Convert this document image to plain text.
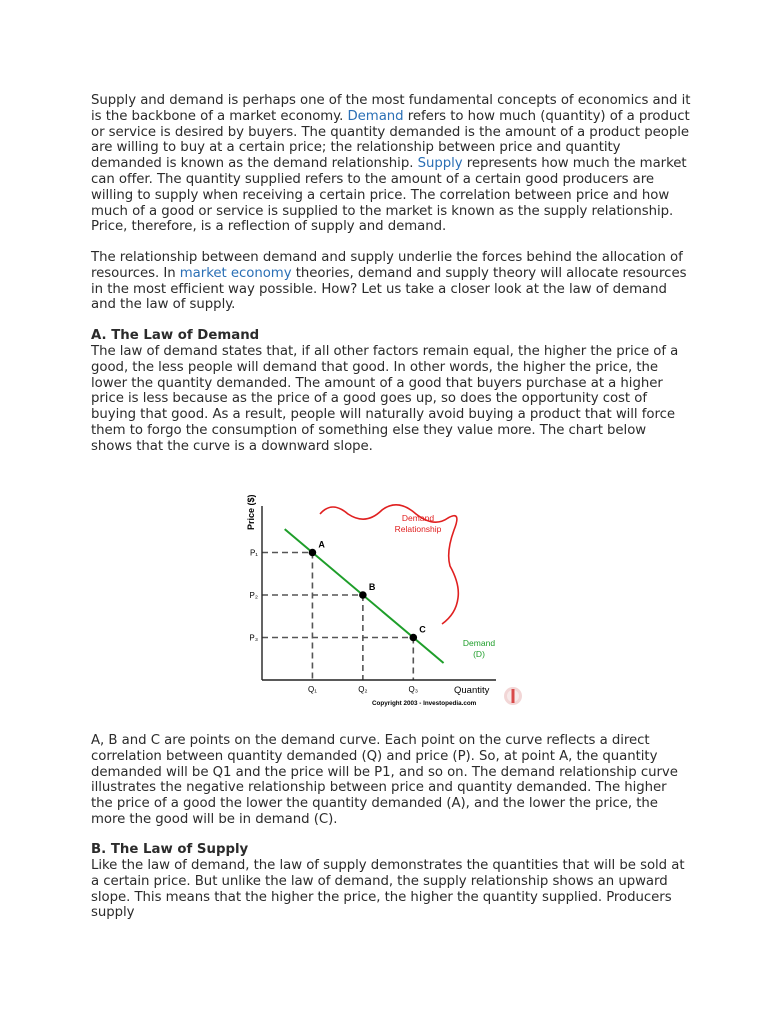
Supply and demand is perhaps one of the most fundamental concepts of economics and it is the backbone of a market economy. Demand refers to how much (quantity) of a product or service is desired by buyers. The quantity demanded is the amount of a product people are willing to buy at a certain price; the relationship between price and quantity demanded is known as the demand relationship. Supply represents how much the market can offer. The quantity supplied refers to the amount of a certain good producers are willing to supply when receiving a certain price. The correlation between price and how much of a good or service is supplied to the market is known as the supply relationship. Price, therefore, is a reflection of supply and demand.

The relationship between demand and supply underlie the forces behind the allocation of resources. In market economy theories, demand and supply theory will allocate resources in the most efficient way possible. How? Let us take a closer look at the law of demand and the law of supply.

A. The Law of Demand

The law of demand states that, if all other factors remain equal, the higher the price of a good, the less people will demand that good. In other words, the higher the price, the lower the quantity demanded. The amount of a good that buyers purchase at a higher price is less because as the price of a good goes up, so does the opportunity cost of buying that good. As a result, people will naturally avoid buying a product that will force them to forgo the consumption of something else they value more. The chart below shows that the curve is a downward slope.

A
P₁
Q₁
B
P₂
Q₂
C
P₃
Q₃
Price ($)
Quantity
Copyright 2003 - Investopedia.com
Demand
Relationship
Demand
(D)

A, B and C are points on the demand curve. Each point on the curve reflects a direct correlation between quantity demanded (Q) and price (P). So, at point A, the quantity demanded will be Q1 and the price will be P1, and so on. The demand relationship curve illustrates the negative relationship between price and quantity demanded. The higher the price of a good the lower the quantity demanded (A), and the lower the price, the more the good will be in demand (C).

B. The Law of Supply

Like the law of demand, the law of supply demonstrates the quantities that will be sold at a certain price. But unlike the law of demand, the supply relationship shows an upward slope. This means that the higher the price, the higher the quantity supplied. Producers supply
